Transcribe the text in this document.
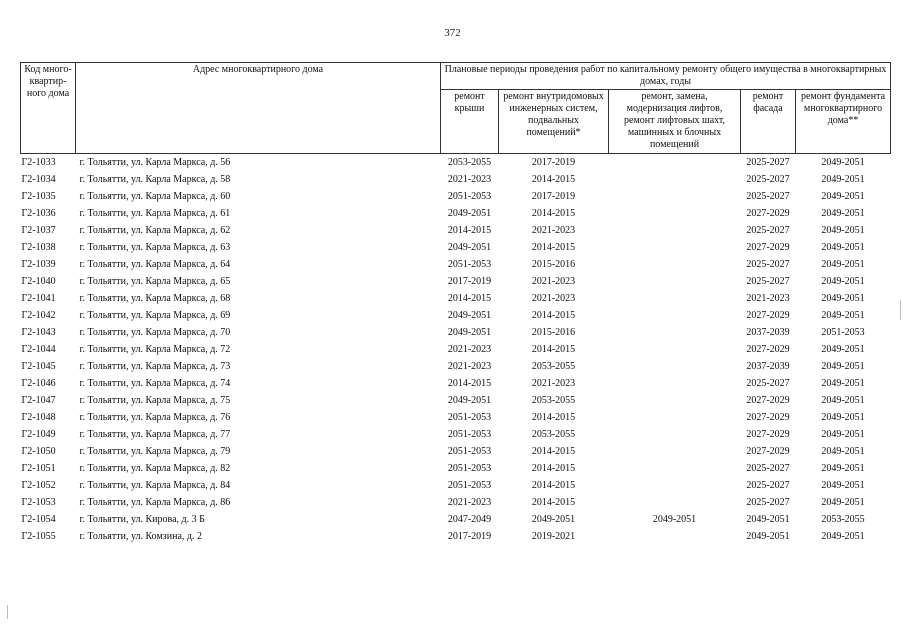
372
Код много-квартир-ного дома	Адрес многоквартирного дома	Плановые периоды проведения работ по капитальному ремонту общего имущества в многоквартирных домах, годы				
		ремонт крыши	ремонт внутридомовых инженерных систем, подвальных помещений*	ремонт, замена, модернизация лифтов, ремонт лифтовых шахт, машинных и блочных помещений	ремонт фасада	ремонт фундамента многоквартирного дома**
Г2-1033	г. Тольятти, ул. Карла Маркса, д. 56	2053-2055	2017-2019		2025-2027	2049-2051
Г2-1034	г. Тольятти, ул. Карла Маркса, д. 58	2021-2023	2014-2015		2025-2027	2049-2051
Г2-1035	г. Тольятти, ул. Карла Маркса, д. 60	2051-2053	2017-2019		2025-2027	2049-2051
Г2-1036	г. Тольятти, ул. Карла Маркса, д. 61	2049-2051	2014-2015		2027-2029	2049-2051
Г2-1037	г. Тольятти, ул. Карла Маркса, д. 62	2014-2015	2021-2023		2025-2027	2049-2051
Г2-1038	г. Тольятти, ул. Карла Маркса, д. 63	2049-2051	2014-2015		2027-2029	2049-2051
Г2-1039	г. Тольятти, ул. Карла Маркса, д. 64	2051-2053	2015-2016		2025-2027	2049-2051
Г2-1040	г. Тольятти, ул. Карла Маркса, д. 65	2017-2019	2021-2023		2025-2027	2049-2051
Г2-1041	г. Тольятти, ул. Карла Маркса, д. 68	2014-2015	2021-2023		2021-2023	2049-2051
Г2-1042	г. Тольятти, ул. Карла Маркса, д. 69	2049-2051	2014-2015		2027-2029	2049-2051
Г2-1043	г. Тольятти, ул. Карла Маркса, д. 70	2049-2051	2015-2016		2037-2039	2051-2053
Г2-1044	г. Тольятти, ул. Карла Маркса, д. 72	2021-2023	2014-2015		2027-2029	2049-2051
Г2-1045	г. Тольятти, ул. Карла Маркса, д. 73	2021-2023	2053-2055		2037-2039	2049-2051
Г2-1046	г. Тольятти, ул. Карла Маркса, д. 74	2014-2015	2021-2023		2025-2027	2049-2051
Г2-1047	г. Тольятти, ул. Карла Маркса, д. 75	2049-2051	2053-2055		2027-2029	2049-2051
Г2-1048	г. Тольятти, ул. Карла Маркса, д. 76	2051-2053	2014-2015		2027-2029	2049-2051
Г2-1049	г. Тольятти, ул. Карла Маркса, д. 77	2051-2053	2053-2055		2027-2029	2049-2051
Г2-1050	г. Тольятти, ул. Карла Маркса, д. 79	2051-2053	2014-2015		2027-2029	2049-2051
Г2-1051	г. Тольятти, ул. Карла Маркса, д. 82	2051-2053	2014-2015		2025-2027	2049-2051
Г2-1052	г. Тольятти, ул. Карла Маркса, д. 84	2051-2053	2014-2015		2025-2027	2049-2051
Г2-1053	г. Тольятти, ул. Карла Маркса, д. 86	2021-2023	2014-2015		2025-2027	2049-2051
Г2-1054	г. Тольятти, ул. Кирова, д. 3 Б	2047-2049	2049-2051	2049-2051	2049-2051	2053-2055
Г2-1055	г. Тольятти, ул. Комзина, д. 2	2017-2019	2019-2021		2049-2051	2049-2051
